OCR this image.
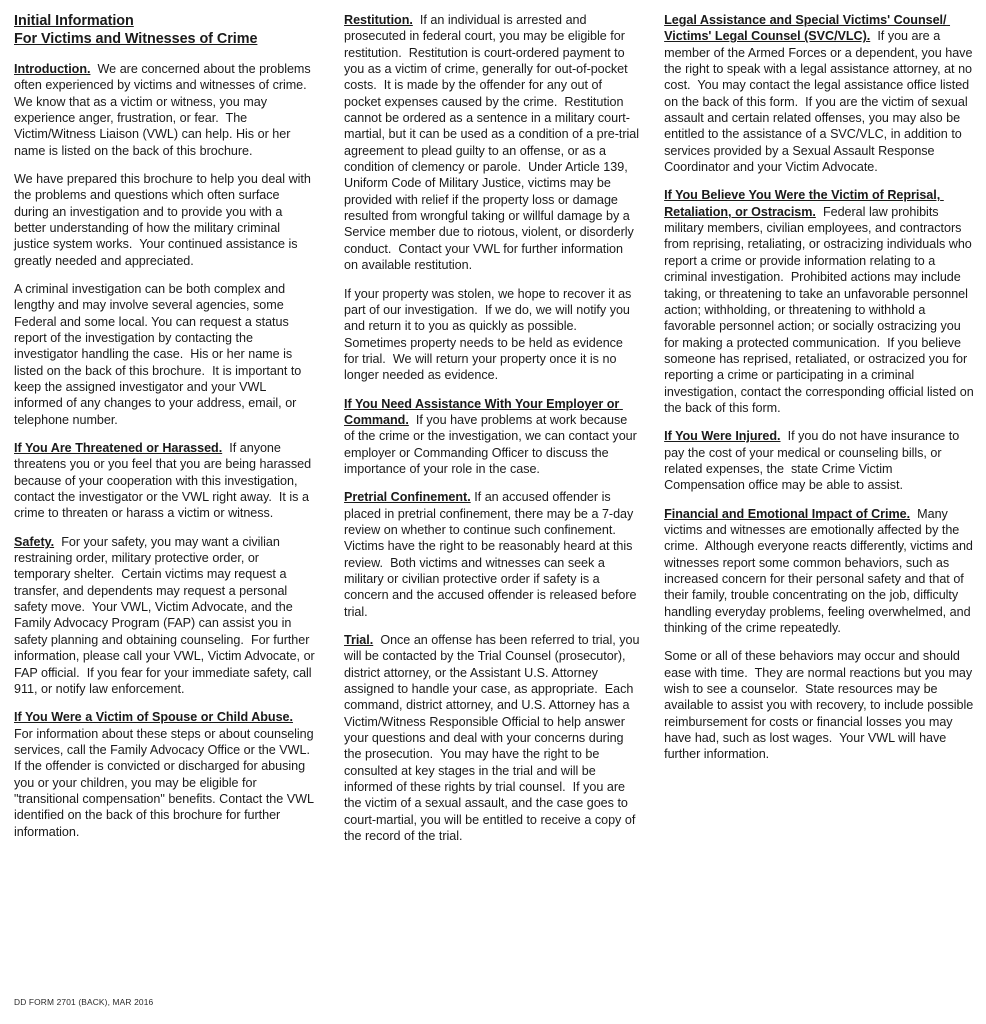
Initial Information
For Victims and Witnesses of Crime

Introduction.  We are concerned about the problems often experienced by victims and witnesses of crime.  We know that as a victim or witness, you may experience anger, frustration, or fear.  The Victim/Witness Liaison (VWL) can help. His or her name is listed on the back of this brochure.

We have prepared this brochure to help you deal with the problems and questions which often surface during an investigation and to provide you with a better understanding of how the military criminal justice system works.  Your continued assistance is greatly needed and appreciated.

A criminal investigation can be both complex and lengthy and may involve several agencies, some Federal and some local. You can request a status report of the investigation by contacting the investigator handling the case.  His or her name is listed on the back of this brochure.  It is important to keep the assigned investigator and your VWL informed of any changes to your address, email, or telephone number.

If You Are Threatened or Harassed.  If anyone threatens you or you feel that you are being harassed because of your cooperation with this investigation, contact the investigator or the VWL right away.  It is a crime to threaten or harass a victim or witness.

Safety.  For your safety, you may want a civilian restraining order, military protective order, or temporary shelter.  Certain victims may request a transfer, and dependents may request a personal safety move.  Your VWL, Victim Advocate, and the Family Advocacy Program (FAP) can assist you in safety planning and obtaining counseling.  For further information, please call your VWL, Victim Advocate, or FAP official.  If you fear for your immediate safety, call 911, or notify law enforcement.

If You Were a Victim of Spouse or Child Abuse. For information about these steps or about counseling services, call the Family Advocacy Office or the VWL.  If the offender is convicted or discharged for abusing you or your children, you may be eligible for "transitional compensation" benefits. Contact the VWL identified on the back of this brochure for further information.

Restitution.  If an individual is arrested and prosecuted in federal court, you may be eligible for restitution.  Restitution is court-ordered payment to you as a victim of crime, generally for out-of-pocket costs.  It is made by the offender for any out of pocket expenses caused by the crime.  Restitution cannot be ordered as a sentence in a military court-martial, but it can be used as a condition of a pre-trial agreement to plead guilty to an offense, or as a condition of clemency or parole.  Under Article 139, Uniform Code of Military Justice, victims may be provided with relief if the property loss or damage resulted from wrongful taking or willful damage by a Service member due to riotous, violent, or disorderly conduct.  Contact your VWL for further information on available restitution.

If your property was stolen, we hope to recover it as part of our investigation.  If we do, we will notify you and return it to you as quickly as possible.  Sometimes property needs to be held as evidence for trial.  We will return your property once it is no longer needed as evidence.

If You Need Assistance With Your Employer or Command.  If you have problems at work because of the crime or the investigation, we can contact your employer or Commanding Officer to discuss the importance of your role in the case.

Pretrial Confinement. If an accused offender is placed in pretrial confinement, there may be a 7-day review on whether to continue such confinement. Victims have the right to be reasonably heard at this review.  Both victims and witnesses can seek a military or civilian protective order if safety is a concern and the accused offender is released before trial.

Trial.  Once an offense has been referred to trial, you will be contacted by the Trial Counsel (prosecutor), district attorney, or the Assistant U.S. Attorney assigned to handle your case, as appropriate.  Each command, district attorney, and U.S. Attorney has a Victim/Witness Responsible Official to help answer your questions and deal with your concerns during the prosecution.  You may have the right to be consulted at key stages in the trial and will be informed of these rights by trial counsel.  If you are the victim of a sexual assault, and the case goes to court-martial, you will be entitled to receive a copy of the record of the trial.

Legal Assistance and Special Victims' Counsel/ Victims' Legal Counsel (SVC/VLC).  If you are a member of the Armed Forces or a dependent, you have the right to speak with a legal assistance attorney, at no cost.  You may contact the legal assistance office listed on the back of this form.  If you are the victim of sexual assault and certain related offenses, you may also be entitled to the assistance of a SVC/VLC, in addition to services provided by a Sexual Assault Response Coordinator and your Victim Advocate.

If You Believe You Were the Victim of Reprisal, Retaliation, or Ostracism.  Federal law prohibits military members, civilian employees, and contractors from reprising, retaliating, or ostracizing individuals who report a crime or provide information relating to a criminal investigation.  Prohibited actions may include taking, or threatening to take an unfavorable personnel action; withholding, or threatening to withhold a favorable personnel action; or socially ostracizing you for making a protected communication.  If you believe someone has reprised, retaliated, or ostracized you for reporting a crime or participating in a criminal investigation, contact the corresponding official listed on the back of this form.

If You Were Injured.  If you do not have insurance to pay the cost of your medical or counseling bills, or related expenses, the  state Crime Victim Compensation office may be able to assist.

Financial and Emotional Impact of Crime.  Many victims and witnesses are emotionally affected by the crime.  Although everyone reacts differently, victims and witnesses report some common behaviors, such as increased concern for their personal safety and that of their family, trouble concentrating on the job, difficulty handling everyday problems, feeling overwhelmed, and thinking of the crime repeatedly.

Some or all of these behaviors may occur and should ease with time.  They are normal reactions but you may wish to see a counselor.  State resources may be available to assist you with recovery, to include possible reimbursement for costs or financial losses you may have had, such as lost wages.  Your VWL will have further information.

DD FORM 2701 (BACK), MAR 2016
